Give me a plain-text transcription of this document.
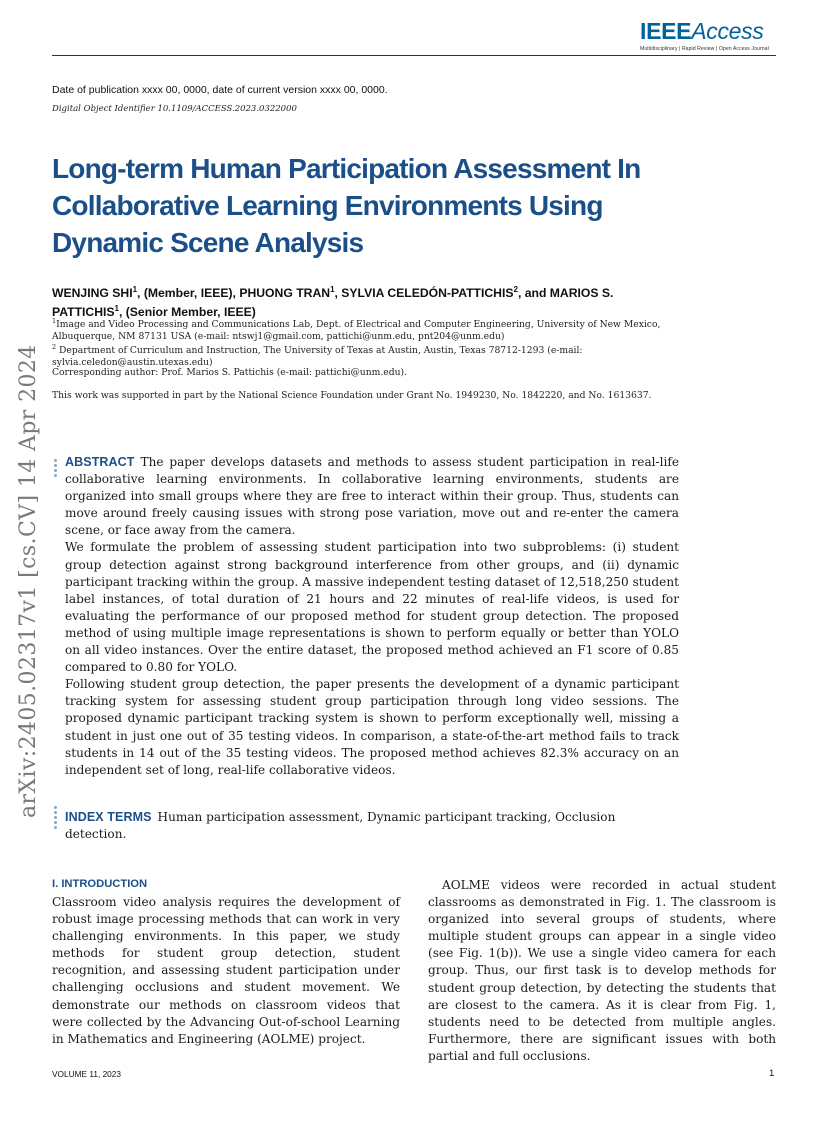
IEEEAccess
Multidisciplinary | Rapid Review | Open Access Journal
Date of publication xxxx 00, 0000, date of current version xxxx 00, 0000.
Digital Object Identifier 10.1109/ACCESS.2023.0322000
Long-term Human Participation Assessment In Collaborative Learning Environments Using Dynamic Scene Analysis

WENJING SHI$^1$, (Member, IEEE), PHUONG TRAN$^1$, SYLVIA CELEDÓN-PATTICHIS$^2$, and MARIOS S. PATTICHIS$^1$, (Senior Member, IEEE)

$^1$Image and Video Processing and Communications Lab, Dept. of Electrical and Computer Engineering, University of New Mexico, Albuquerque, NM 87131 USA (e-mail: ntswj1@gmail.com, pattichi@unm.edu, pnt204@unm.edu)
$^2$ Department of Curriculum and Instruction, The University of Texas at Austin, Austin, Texas 78712-1293 (e-mail: sylvia.celedon@austin.utexas.edu)
Corresponding author: Prof. Marios S. Pattichis (e-mail: pattichi@unm.edu).
This work was supported in part by the National Science Foundation under Grant No. 1949230, No. 1842220, and No. 1613637.
arXiv:2405.02317v1 [cs.CV] 14 Apr 2024 ABSTRACT The paper develops datasets and methods to assess student participation in real-life collaborative learning environments. In collaborative learning environments, students are organized into small groups where they are free to interact within their group. Thus, students can move around freely causing issues with strong pose variation, move out and re-enter the camera scene, or face away from the camera.

We formulate the problem of assessing student participation into two subproblems: (i) student group detection against strong background interference from other groups, and (ii) dynamic participant tracking within the group. A massive independent testing dataset of 12,518,250 student label instances, of total duration of 21 hours and 22 minutes of real-life videos, is used for evaluating the performance of our proposed method for student group detection. The proposed method of using multiple image representations is shown to perform equally or better than YOLO on all video instances. Over the entire dataset, the proposed method achieved an F1 score of 0.85 compared to 0.80 for YOLO.

Following student group detection, the paper presents the development of a dynamic participant tracking system for assessing student group participation through long video sessions. The proposed dynamic participant tracking system is shown to perform exceptionally well, missing a student in just one out of 35 testing videos. In comparison, a state-of-the-art method fails to track students in 14 out of the 35 testing videos. The proposed method achieves 82.3% accuracy on an independent set of long, real-life collaborative videos.

INDEX TERMS Human participation assessment, Dynamic participant tracking, Occlusion detection.

I. INTRODUCTION

Classroom video analysis requires the development of robust image processing methods that can work in very challenging environments. In this paper, we study methods for student group detection, student recognition, and assessing student participation under challenging occlusions and student movement. We demonstrate our methods on classroom videos that were collected by the Advancing Out-of-school Learning in Mathematics and Engineering (AOLME) project.

AOLME videos were recorded in actual student classrooms as demonstrated in Fig. 1. The classroom is organized into several groups of students, where multiple student groups can appear in a single video (see Fig. 1(b)). We use a single video camera for each group. Thus, our first task is to develop methods for student group detection, by detecting the students that are closest to the camera. As it is clear from Fig. 1, students need to be detected from multiple angles. Furthermore, there are significant issues with both partial and full occlusions.

VOLUME 11, 2023	1
